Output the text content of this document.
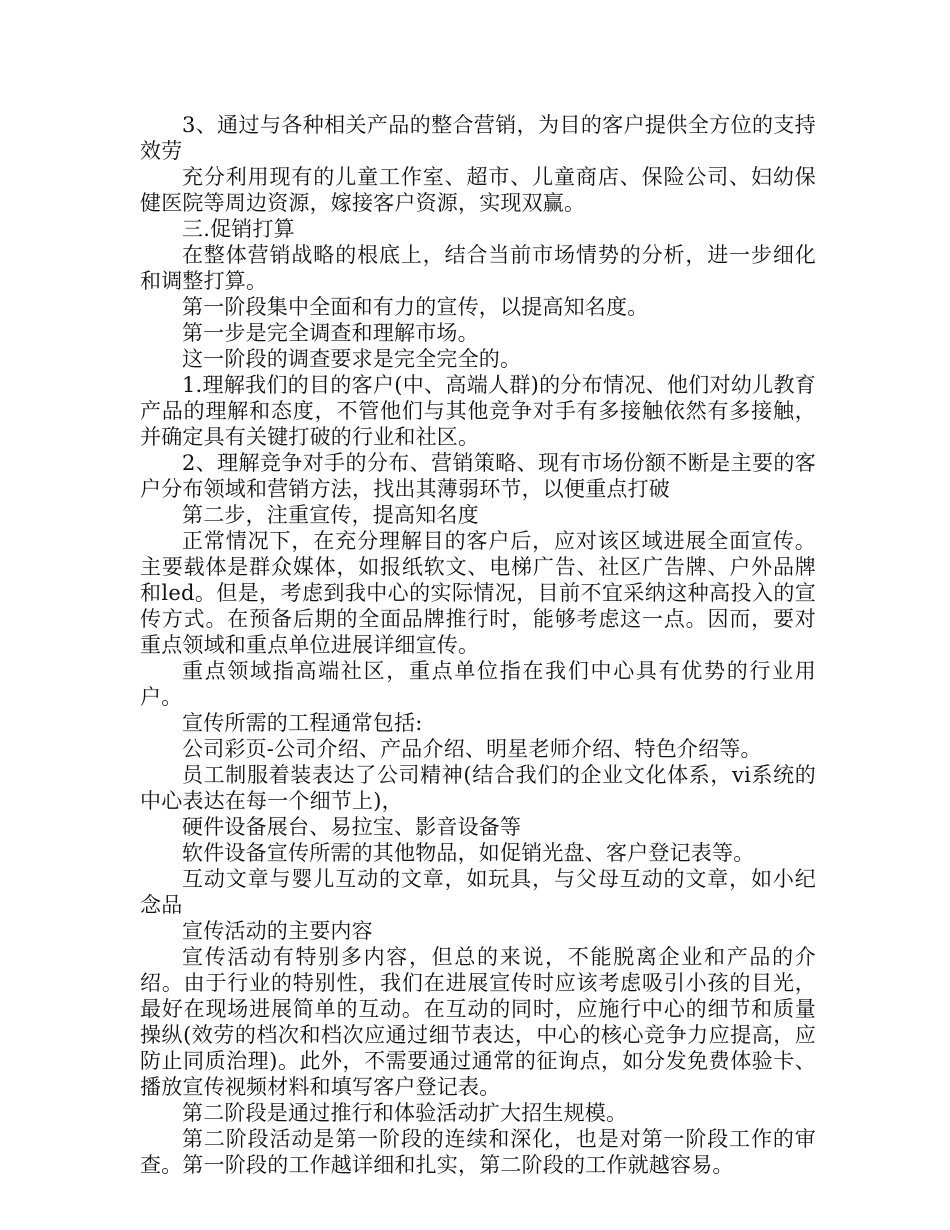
3、通过与各种相关产品的整合营销，为目的客户提供全方位的支持效劳

充分利用现有的儿童工作室、超市、儿童商店、保险公司、妇幼保健医院等周边资源，嫁接客户资源，实现双赢。

三.促销打算

在整体营销战略的根底上，结合当前市场情势的分析，进一步细化和调整打算。

第一阶段集中全面和有力的宣传，以提高知名度。

第一步是完全调查和理解市场。

这一阶段的调查要求是完全完全的。

1.理解我们的目的客户(中、高端人群)的分布情况、他们对幼儿教育产品的理解和态度，不管他们与其他竞争对手有多接触依然有多接触，并确定具有关键打破的行业和社区。

2、理解竞争对手的分布、营销策略、现有市场份额不断是主要的客户分布领域和营销方法，找出其薄弱环节，以便重点打破

第二步，注重宣传，提高知名度

正常情况下，在充分理解目的客户后，应对该区域进展全面宣传。主要载体是群众媒体，如报纸软文、电梯广告、社区广告牌、户外品牌和led。但是，考虑到我中心的实际情况，目前不宜采纳这种高投入的宣传方式。在预备后期的全面品牌推行时，能够考虑这一点。因而，要对重点领域和重点单位进展详细宣传。

重点领域指高端社区，重点单位指在我们中心具有优势的行业用户。

宣传所需的工程通常包括:

公司彩页-公司介绍、产品介绍、明星老师介绍、特色介绍等。

员工制服着装表达了公司精神(结合我们的企业文化体系，vi系统的中心表达在每一个细节上)，

硬件设备展台、易拉宝、影音设备等

软件设备宣传所需的其他物品，如促销光盘、客户登记表等。

互动文章与婴儿互动的文章，如玩具，与父母互动的文章，如小纪念品

宣传活动的主要内容

宣传活动有特别多内容，但总的来说，不能脱离企业和产品的介绍。由于行业的特别性，我们在进展宣传时应该考虑吸引小孩的目光，最好在现场进展简单的互动。在互动的同时，应施行中心的细节和质量操纵(效劳的档次和档次应通过细节表达，中心的核心竞争力应提高，应防止同质治理)。此外，不需要通过通常的征询点，如分发免费体验卡、播放宣传视频材料和填写客户登记表。

第二阶段是通过推行和体验活动扩大招生规模。

第二阶段活动是第一阶段的连续和深化，也是对第一阶段工作的审查。第一阶段的工作越详细和扎实，第二阶段的工作就越容易。
